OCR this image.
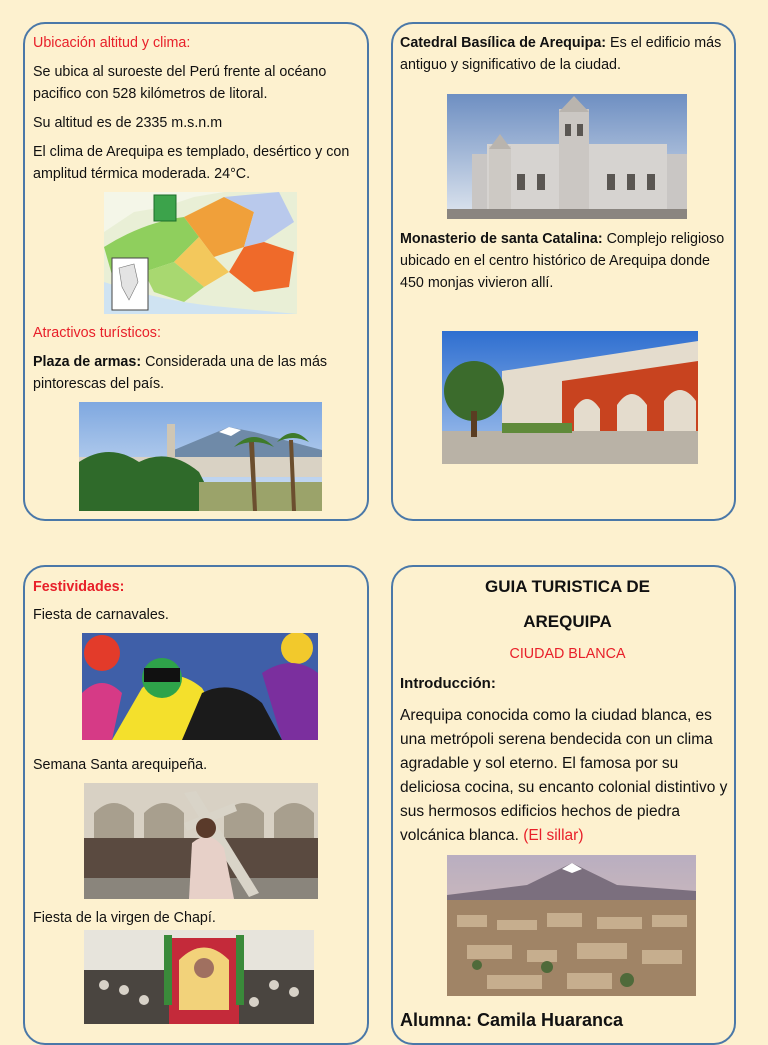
Ubicación altitud y clima:

Se ubica al suroeste del Perú frente al océano pacifico con 528 kilómetros de litoral.

Su altitud es de 2335 m.s.n.m

El clima de Arequipa es templado, desértico y con amplitud térmica moderada. 24°C.

Atractivos turísticos:

Plaza de armas: Considerada una de las más pintorescas del país.

Catedral Basílica de Arequipa: Es el edificio más antiguo y significativo de la ciudad.

Monasterio de santa Catalina: Complejo religioso ubicado en el centro histórico de Arequipa donde 450 monjas vivieron allí.

Festividades:

Fiesta de carnavales.

Semana Santa arequipeña.

Fiesta de la virgen de Chapí.

GUIA TURISTICA DE

AREQUIPA

CIUDAD BLANCA

Introducción:

Arequipa conocida como la ciudad blanca, es una metrópoli serena bendecida con un clima agradable y sol eterno. El famosa por su deliciosa cocina, su encanto colonial distintivo y sus hermosos edificios hechos de piedra volcánica blanca. (El sillar)

Alumna: Camila Huaranca
